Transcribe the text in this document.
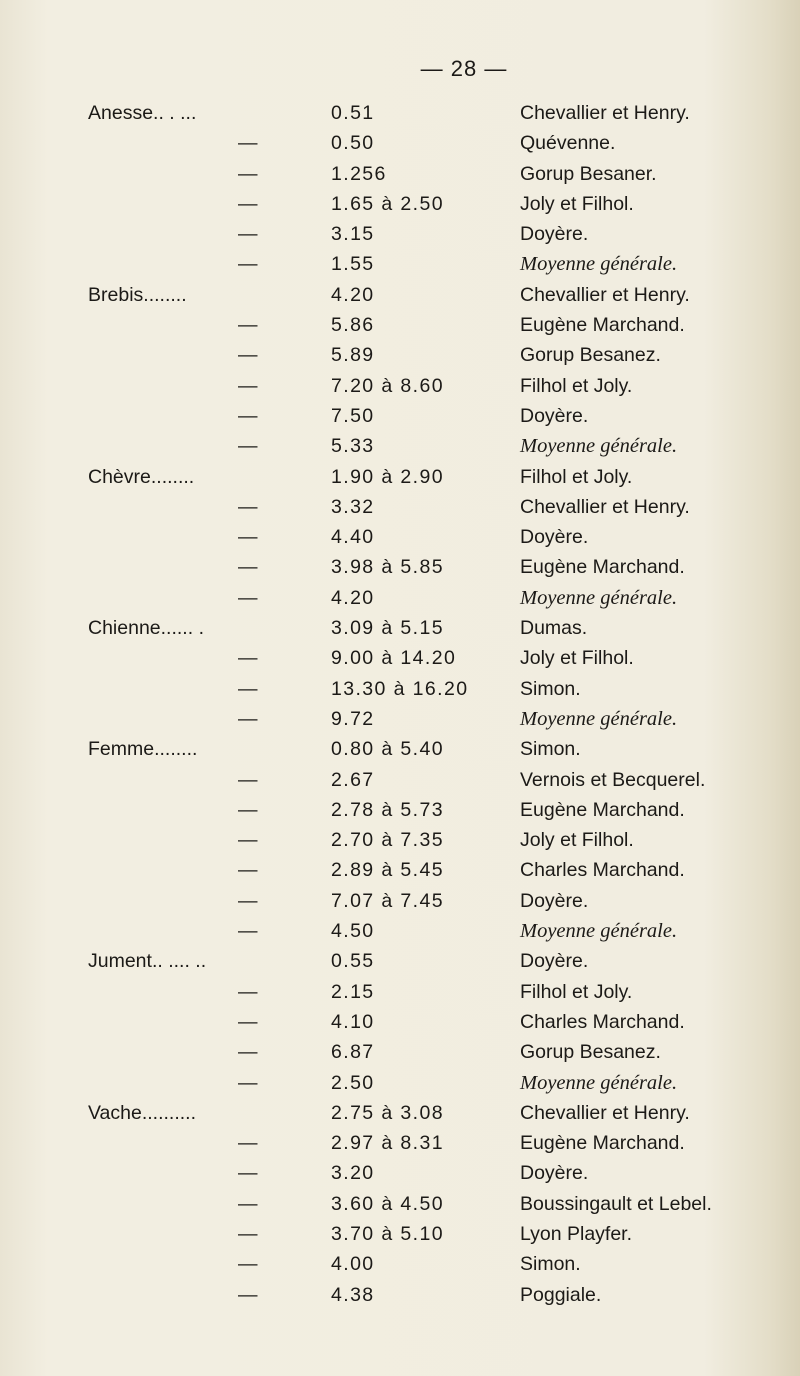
— 28 —
Anesse.. . ...	0.51	Chevallier et Henry.
—	0.50	Quévenne.
—	1.256	Gorup Besaner.
—	1.65 à 2.50	Joly et Filhol.
—	3.15	Doyère.
—	1.55	Moyenne générale.
Brebis........	4.20	Chevallier et Henry.
—	5.86	Eugène Marchand.
—	5.89	Gorup Besanez.
—	7.20 à 8.60	Filhol et Joly.
—	7.50	Doyère.
—	5.33	Moyenne générale.
Chèvre........	1.90 à 2.90	Filhol et Joly.
—	3.32	Chevallier et Henry.
—	4.40	Doyère.
—	3.98 à 5.85	Eugène Marchand.
—	4.20	Moyenne générale.
Chienne...... .	3.09 à 5.15	Dumas.
—	9.00 à 14.20	Joly et Filhol.
—	13.30 à 16.20	Simon.
—	9.72	Moyenne générale.
Femme........	0.80 à 5.40	Simon.
—	2.67	Vernois et Becquerel.
—	2.78 à 5.73	Eugène Marchand.
—	2.70 à 7.35	Joly et Filhol.
—	2.89 à 5.45	Charles Marchand.
—	7.07 à 7.45	Doyère.
—	4.50	Moyenne générale.
Jument.. .... ..	0.55	Doyère.
—	2.15	Filhol et Joly.
—	4.10	Charles Marchand.
—	6.87	Gorup Besanez.
—	2.50	Moyenne générale.
Vache..........	2.75 à 3.08	Chevallier et Henry.
—	2.97 à 8.31	Eugène Marchand.
—	3.20	Doyère.
—	3.60 à 4.50	Boussingault et Lebel.
—	3.70 à 5.10	Lyon Playfer.
—	4.00	Simon.
—	4.38	Poggiale.
